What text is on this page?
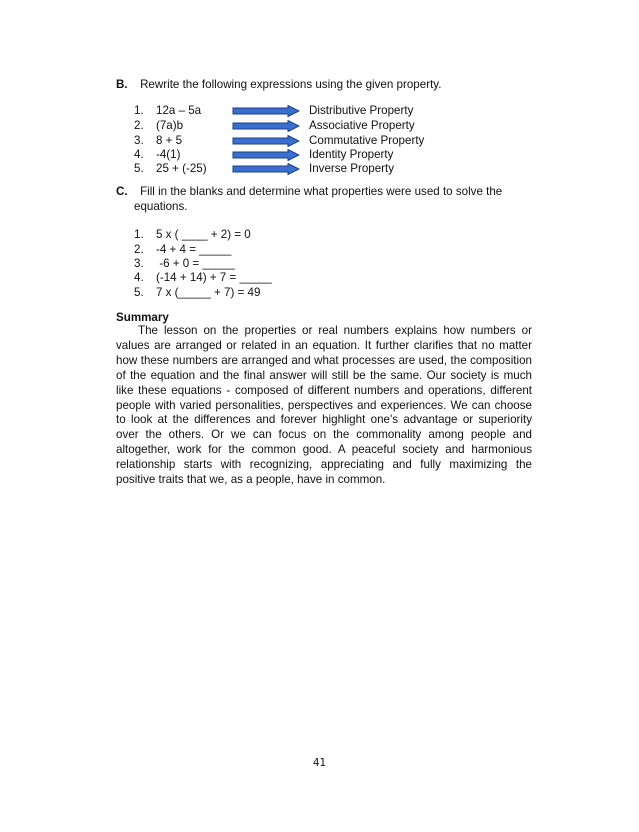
B. Rewrite the following expressions using the given property.
1.	12a – 5a	Distributive Property
2.	(7a)b	Associative Property
3.	8 + 5	Commutative Property
4.	-4(1)	Identity Property
5.	25 + (-25)	Inverse Property
C. Fill in the blanks and determine what properties were used to solve the
equations.
1.	5 x ( ____ + 2) = 0
2.	-4 + 4 = _____
3.	-6 + 0 = _____
4.	(-14 + 14) + 7 = _____
5.	7 x (_____ + 7) = 49
Summary
The lesson on the properties or real numbers explains how numbers or values are arranged or related in an equation. It further clarifies that no matter how these numbers are arranged and what processes are used, the composition of the equation and the final answer will still be the same. Our society is much like these equations - composed of different numbers and operations, different people with varied personalities, perspectives and experiences. We can choose to look at the differences and forever highlight one's advantage or superiority over the others. Or we can focus on the commonality among people and altogether, work for the common good. A peaceful society and harmonious relationship starts with recognizing, appreciating and fully maximizing the positive traits that we, as a people, have in common.
41
